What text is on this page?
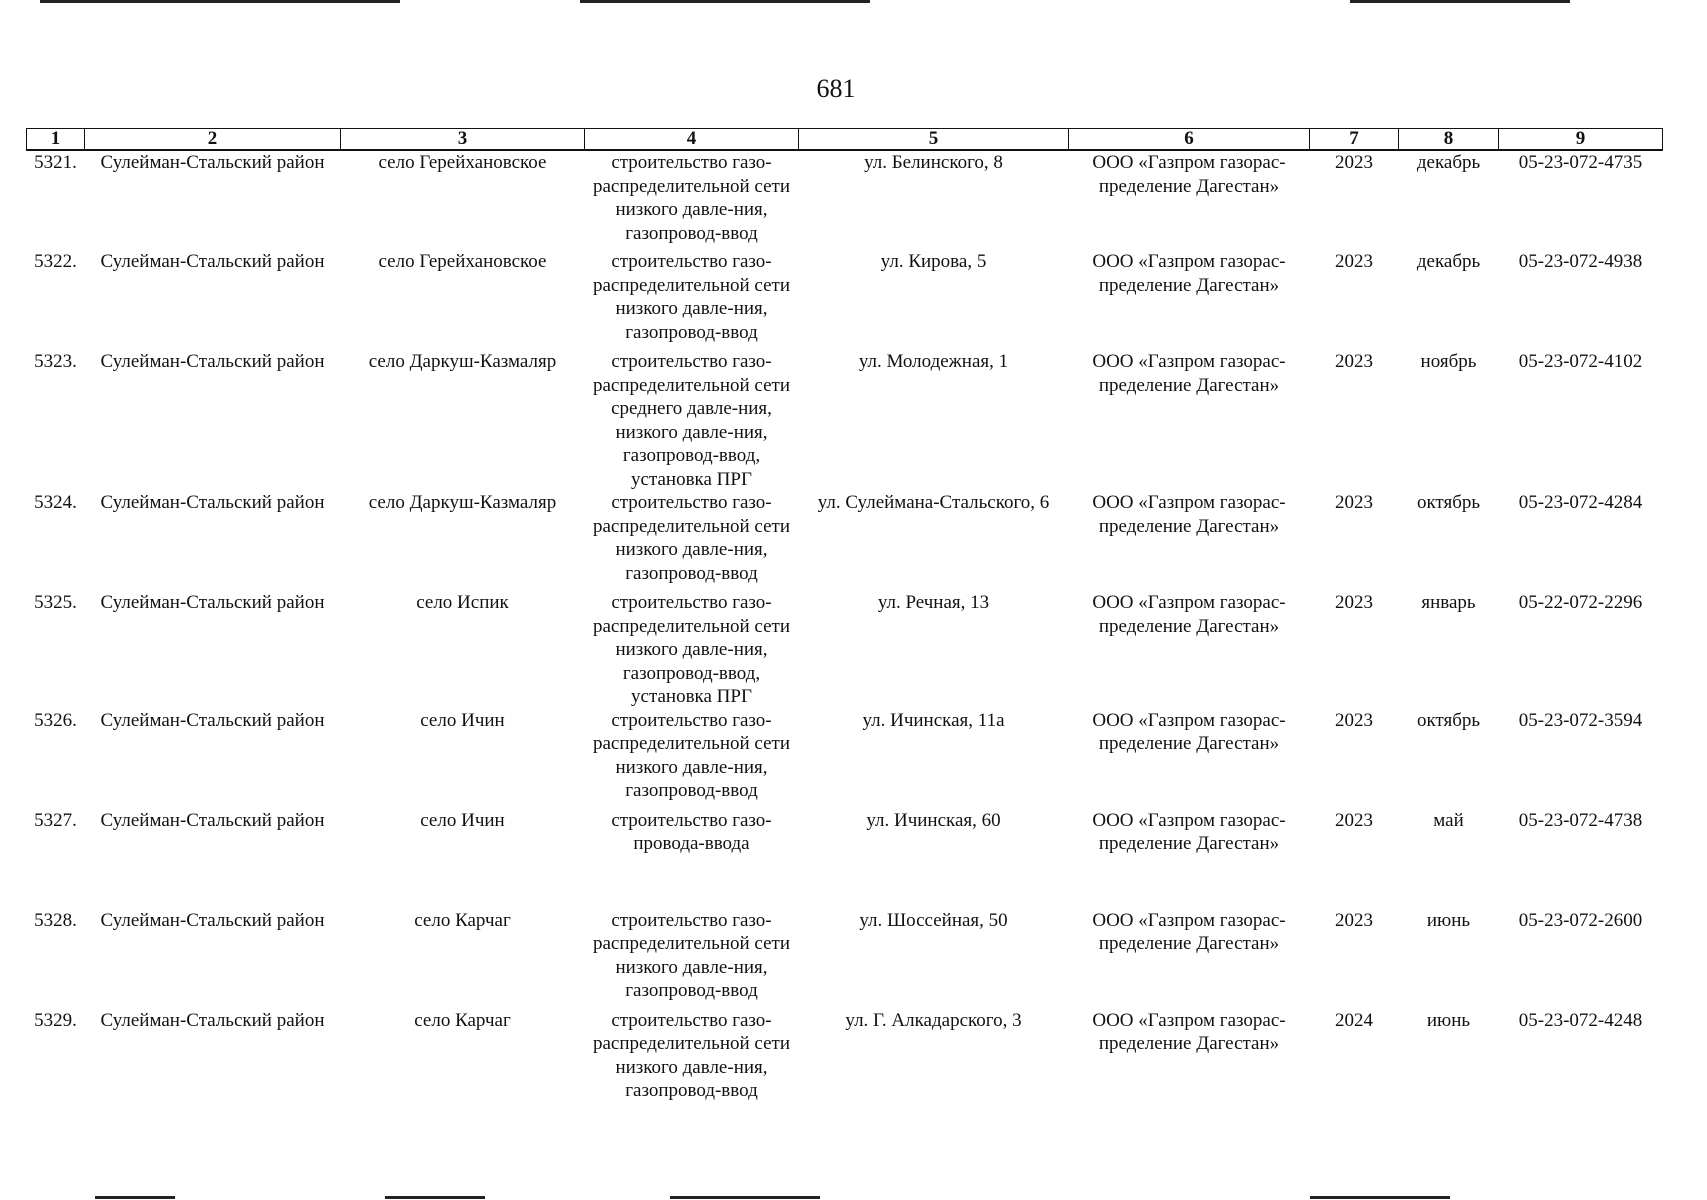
681
1	2	3	4	5	6	7	8	9
5321.	Сулейман-Стальский район	село Герейхановское	строительство газо-распределительной сети низкого давле-ния, газопровод-ввод	ул. Белинского, 8	ООО «Газпром газорас-пределение Дагестан»	2023	декабрь	05-23-072-4735
5322.	Сулейман-Стальский район	село Герейхановское	строительство газо-распределительной сети низкого давле-ния, газопровод-ввод	ул. Кирова, 5	ООО «Газпром газорас-пределение Дагестан»	2023	декабрь	05-23-072-4938
5323.	Сулейман-Стальский район	село Даркуш-Казмаляр	строительство газо-распределительной сети среднего давле-ния, низкого давле-ния, газопровод-ввод, установка ПРГ	ул. Молодежная, 1	ООО «Газпром газорас-пределение Дагестан»	2023	ноябрь	05-23-072-4102
5324.	Сулейман-Стальский район	село Даркуш-Казмаляр	строительство газо-распределительной сети низкого давле-ния, газопровод-ввод	ул. Сулеймана-Стальского, 6	ООО «Газпром газорас-пределение Дагестан»	2023	октябрь	05-23-072-4284
5325.	Сулейман-Стальский район	село Испик	строительство газо-распределительной сети низкого давле-ния, газопровод-ввод, установка ПРГ	ул. Речная, 13	ООО «Газпром газорас-пределение Дагестан»	2023	январь	05-22-072-2296
5326.	Сулейман-Стальский район	село Ичин	строительство газо-распределительной сети низкого давле-ния, газопровод-ввод	ул. Ичинская, 11а	ООО «Газпром газорас-пределение Дагестан»	2023	октябрь	05-23-072-3594
5327.	Сулейман-Стальский район	село Ичин	строительство газо-провода-ввода	ул. Ичинская, 60	ООО «Газпром газорас-пределение Дагестан»	2023	май	05-23-072-4738
5328.	Сулейман-Стальский район	село Карчаг	строительство газо-распределительной сети низкого давле-ния, газопровод-ввод	ул. Шоссейная, 50	ООО «Газпром газорас-пределение Дагестан»	2023	июнь	05-23-072-2600
5329.	Сулейман-Стальский район	село Карчаг	строительство газо-распределительной сети низкого давле-ния, газопровод-ввод	ул. Г. Алкадарского, 3	ООО «Газпром газорас-пределение Дагестан»	2024	июнь	05-23-072-4248
